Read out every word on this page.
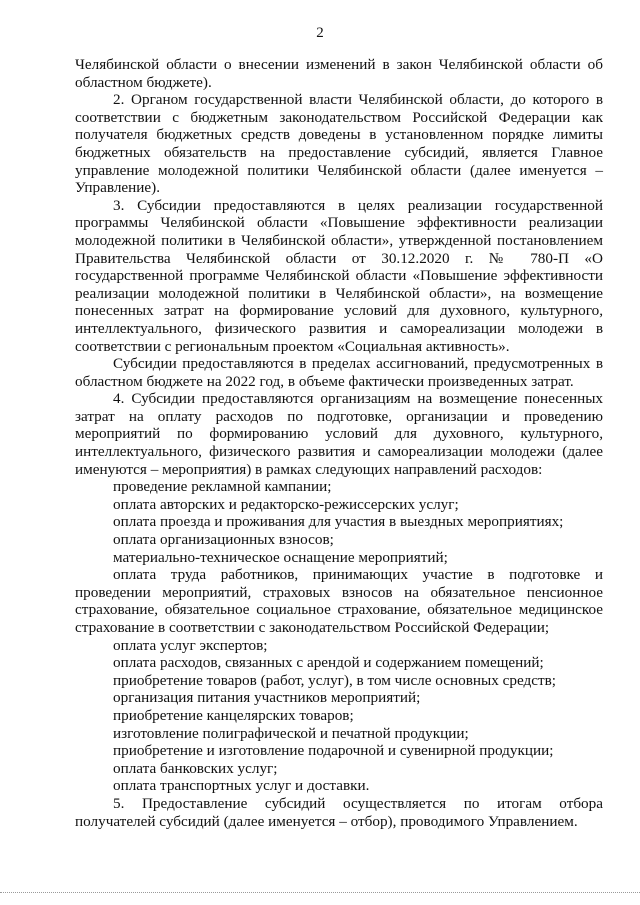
2

Челябинской области о внесении изменений в закон Челябинской области об областном бюджете).

2. Органом государственной власти Челябинской области, до которого в соответствии с бюджетным законодательством Российской Федерации как получателя бюджетных средств доведены в установленном порядке лимиты бюджетных обязательств на предоставление субсидий, является Главное управление молодежной политики Челябинской области (далее именуется – Управление).

3. Субсидии предоставляются в целях реализации государственной программы Челябинской области «Повышение эффективности реализации молодежной политики в Челябинской области», утвержденной постановлением Правительства Челябинской области от 30.12.2020 г. № 780-П «О государственной программе Челябинской области «Повышение эффективности реализации молодежной политики в Челябинской области», на возмещение понесенных затрат на формирование условий для духовного, культурного, интеллектуального, физического развития и самореализации молодежи в соответствии с региональным проектом «Социальная активность».

Субсидии предоставляются в пределах ассигнований, предусмотренных в областном бюджете на 2022 год, в объеме фактически произведенных затрат.

4. Субсидии предоставляются организациям на возмещение понесенных затрат на оплату расходов по подготовке, организации и проведению мероприятий по формированию условий для духовного, культурного, интеллектуального, физического развития и самореализации молодежи (далее именуются – мероприятия) в рамках следующих направлений расходов:

проведение рекламной кампании;

оплата авторских и редакторско-режиссерских услуг;

оплата проезда и проживания для участия в выездных мероприятиях;

оплата организационных взносов;

материально-техническое оснащение мероприятий;

оплата труда работников, принимающих участие в подготовке и проведении мероприятий, страховых взносов на обязательное пенсионное страхование, обязательное социальное страхование, обязательное медицинское страхование в соответствии с законодательством Российской Федерации;

оплата услуг экспертов;

оплата расходов, связанных с арендой и содержанием помещений;

приобретение товаров (работ, услуг), в том числе основных средств;

организация питания участников мероприятий;

приобретение канцелярских товаров;

изготовление полиграфической и печатной продукции;

приобретение и изготовление подарочной и сувенирной продукции;

оплата банковских услуг;

оплата транспортных услуг и доставки.

5. Предоставление субсидий осуществляется по итогам отбора получателей субсидий (далее именуется – отбор), проводимого Управлением.
